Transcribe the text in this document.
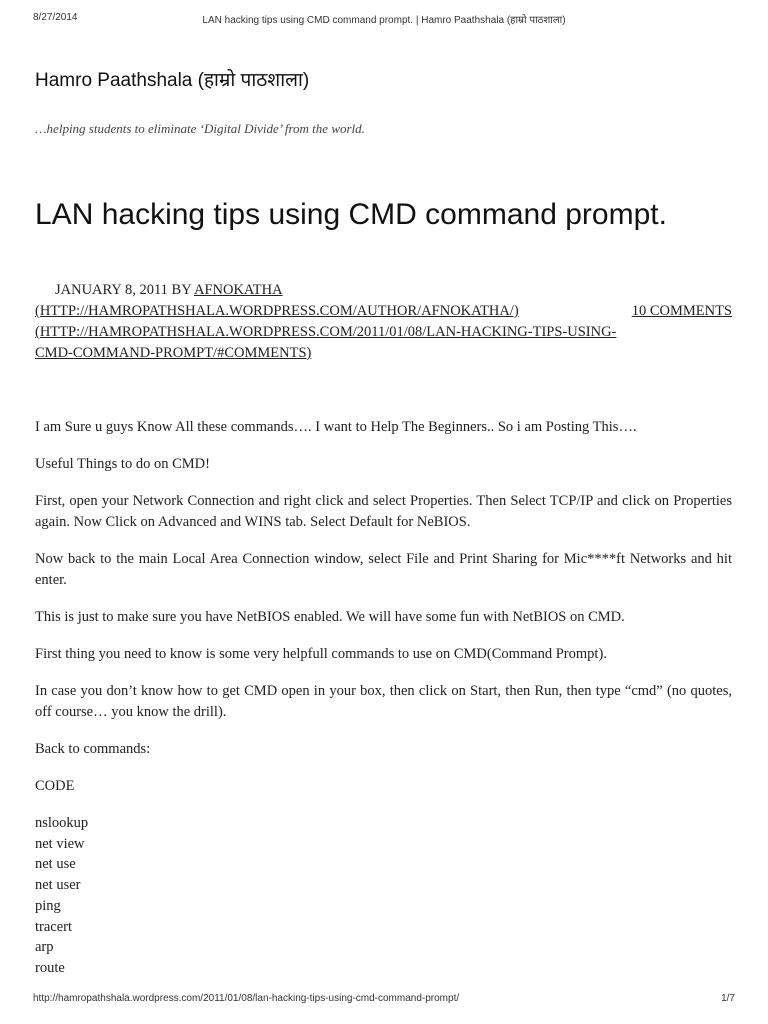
8/27/2014	LAN hacking tips using CMD command prompt. | Hamro Paathshala (हाम्रो पाठशाला)
Hamro Paathshala (हाम्रो पाठशाला)
…helping students to eliminate ‘Digital Divide’ from the world.
LAN hacking tips using CMD command prompt.
JANUARY 8, 2011 BY AFNOKATHA
(HTTP://HAMROPATHSHALA.WORDPRESS.COM/AUTHOR/AFNOKATHA/)	10 COMMENTS
(HTTP://HAMROPATHSHALA.WORDPRESS.COM/2011/01/08/LAN-HACKING-TIPS-USING-
CMD-COMMAND-PROMPT/#COMMENTS)

I am Sure u guys Know All these commands…. I want to Help The Beginners.. So i am Posting This….

Useful Things to do on CMD!

First, open your Network Connection and right click and select Properties. Then Select TCP/IP and click on Properties again. Now Click on Advanced and WINS tab. Select Default for NeBIOS.

Now back to the main Local Area Connection window, select File and Print Sharing for Mic****ft Networks and hit enter.

This is just to make sure you have NetBIOS enabled. We will have some fun with NetBIOS on CMD.

First thing you need to know is some very helpfull commands to use on CMD(Command Prompt).

In case you don’t know how to get CMD open in your box, then click on Start, then Run, then type “cmd” (no quotes, off course… you know the drill).

Back to commands:

CODE

nslookup
net view
net use
net user
ping
tracert
arp
route
http://hamropathshala.wordpress.com/2011/01/08/lan-hacking-tips-using-cmd-command-prompt/	1/7
